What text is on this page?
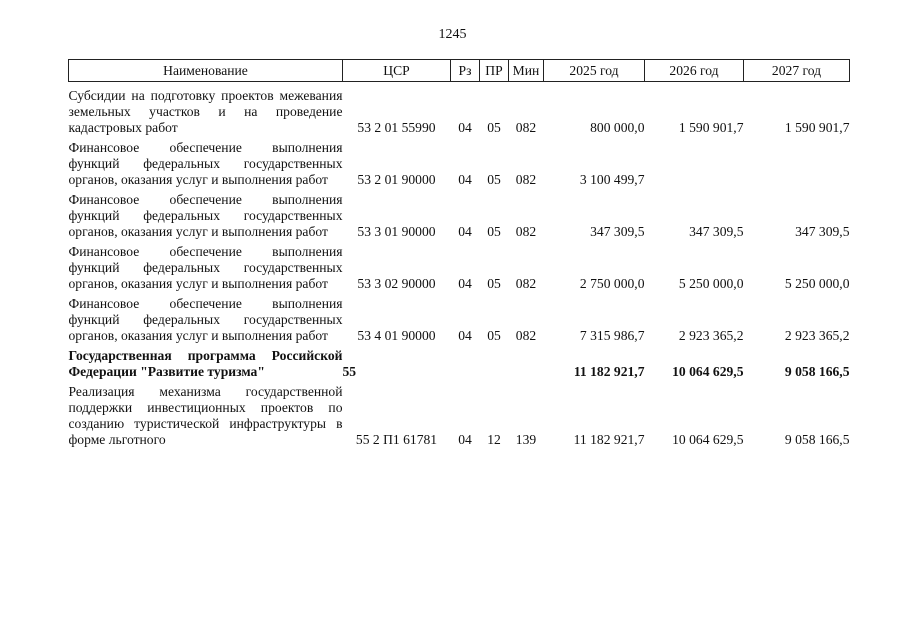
1245
Наименование	ЦСР	Рз	ПР	Мин	2025 год	2026 год	2027 год
Субсидии на подготовку проектов межевания земельных участков и на проведение кадастровых работ	53 2 01 55990	04	05	082	800 000,0	1 590 901,7	1 590 901,7
Финансовое обеспечение выполнения функций федеральных государственных органов, оказания услуг и выполнения работ	53 2 01 90000	04	05	082	3 100 499,7		
Финансовое обеспечение выполнения функций федеральных государственных органов, оказания услуг и выполнения работ	53 3 01 90000	04	05	082	347 309,5	347 309,5	347 309,5
Финансовое обеспечение выполнения функций федеральных государственных органов, оказания услуг и выполнения работ	53 3 02 90000	04	05	082	2 750 000,0	5 250 000,0	5 250 000,0
Финансовое обеспечение выполнения функций федеральных государственных органов, оказания услуг и выполнения работ	53 4 01 90000	04	05	082	7 315 986,7	2 923 365,2	2 923 365,2
Государственная программа Российской Федерации "Развитие туризма"	55				11 182 921,7	10 064 629,5	9 058 166,5
Реализация механизма государственной поддержки инвестиционных проектов по созданию туристической инфраструктуры в форме льготного	55 2 П1 61781	04	12	139	11 182 921,7	10 064 629,5	9 058 166,5
